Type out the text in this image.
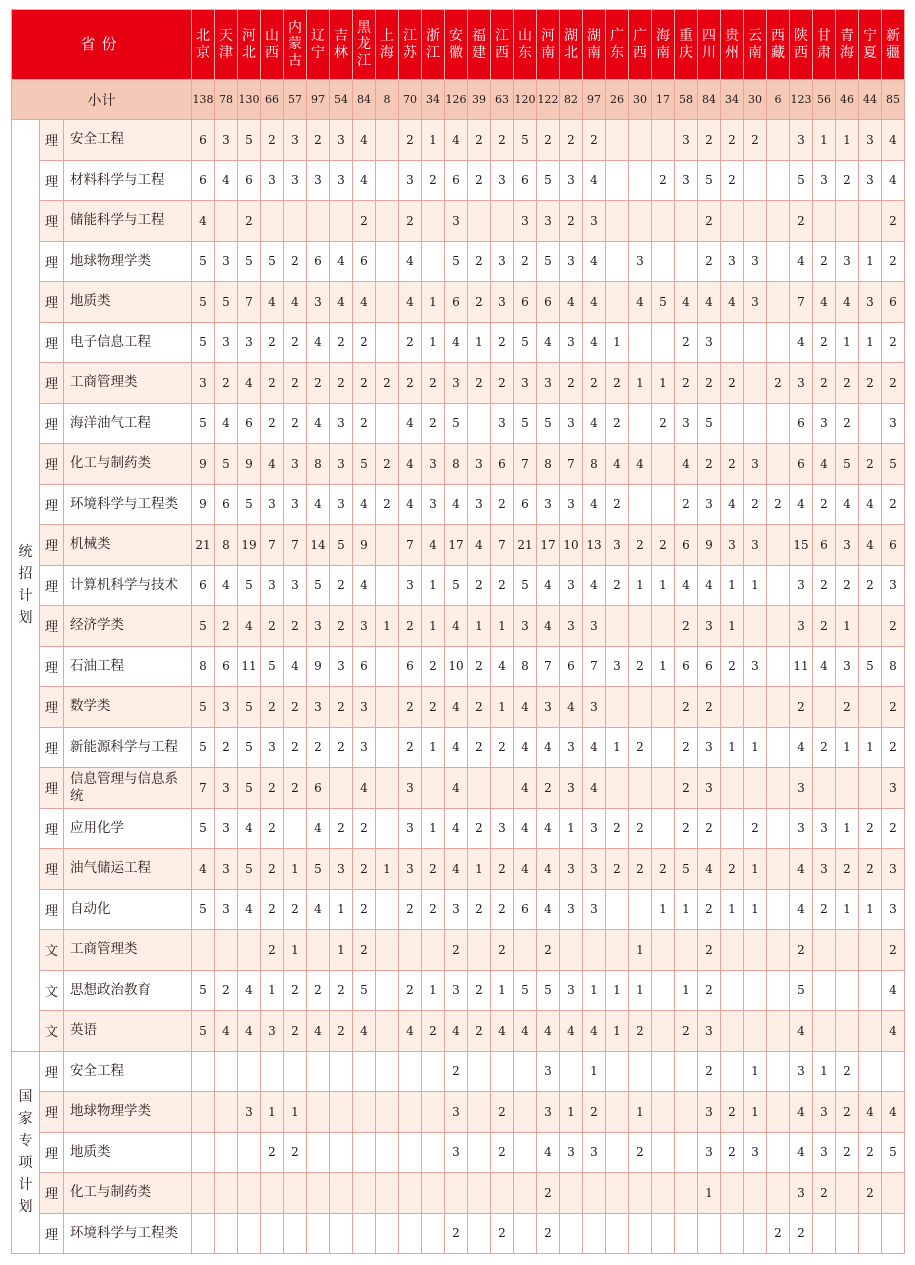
省份			北京	天津	河北	山西	内蒙古	辽宁	吉林	黑龙江	上海	江苏	浙江	安徽	福建	江西	山东	河南	湖北	湖南	广东	广西	海南	重庆	四川	贵州	云南	西藏	陕西	甘肃	青海	宁夏	新疆
小计			138	78	130	66	57	97	54	84	8	70	34	126	39	63	120	122	82	97	26	30	17	58	84	34	30	6	123	56	46	44	85

统招计划	理	安全工程	6	3	5	2	3	2	3	4		2	1	4	2	2	5	2	2	2				3	2	2	2		3	1	1	3	4
	理	材料科学与工程	6	4	6	3	3	3	3	4		3	2	6	2	3	6	5	3	4			2	3	5	2			5	3	2	3	4
	理	储能科学与工程	4		2					2		2		3			3	3	2	3					2				2				2
	理	地球物理学类	5	3	5	5	2	6	4	6		4		5	2	3	2	5	3	4		3			2	3	3		4	2	3	1	2
	理	地质类	5	5	7	4	4	3	4	4		4	1	6	2	3	6	6	4	4		4	5	4	4	4	3		7	4	4	3	6
	理	电子信息工程	5	3	3	2	2	4	2	2		2	1	4	1	2	5	4	3	4	1			2	3				4	2	1	1	2
	理	工商管理类	3	2	4	2	2	2	2	2	2	2	2	3	2	2	3	3	2	2	2	1	1	2	2	2		2	3	2	2	2	2
	理	海洋油气工程	5	4	6	2	2	4	3	2		4	2	5		3	5	5	3	4	2		2	3	5				6	3	2		3
	理	化工与制药类	9	5	9	4	3	8	3	5	2	4	3	8	3	6	7	8	7	8	4	4		4	2	2	3		6	4	5	2	5
	理	环境科学与工程类	9	6	5	3	3	4	3	4	2	4	3	4	3	2	6	3	3	4	2			2	3	4	2	2	4	2	4	4	2
	理	机械类	21	8	19	7	7	14	5	9		7	4	17	4	7	21	17	10	13	3	2	2	6	9	3	3		15	6	3	4	6
	理	计算机科学与技术	6	4	5	3	3	5	2	4		3	1	5	2	2	5	4	3	4	2	1	1	4	4	1	1		3	2	2	2	3
	理	经济学类	5	2	4	2	2	3	2	3	1	2	1	4	1	1	3	4	3	3				2	3	1			3	2	1		2
	理	石油工程	8	6	11	5	4	9	3	6		6	2	10	2	4	8	7	6	7	3	2	1	6	6	2	3		11	4	3	5	8
	理	数学类	5	3	5	2	2	3	2	3		2	2	4	2	1	4	3	4	3				2	2				2		2		2
	理	新能源科学与工程	5	2	5	3	2	2	2	3		2	1	4	2	2	4	4	3	4	1	2		2	3	1	1		4	2	1	1	2
	理	信息管理与信息系统	7	3	5	2	2	6		4		3		4			4	2	3	4				2	3				3				3
	理	应用化学	5	3	4	2		4	2	2		3	1	4	2	3	4	4	1	3	2	2		2	2		2		3	3	1	2	2
	理	油气储运工程	4	3	5	2	1	5	3	2	1	3	2	4	1	2	4	4	3	3	2	2	2	5	4	2	1		4	3	2	2	3
	理	自动化	5	3	4	2	2	4	1	2		2	2	3	2	2	6	4	3	3			1	1	2	1	1		4	2	1	1	3
	文	工商管理类				2	1		1	2				2		2		2				1			2				2				2
	文	思想政治教育	5	2	4	1	2	2	2	5		2	1	3	2	1	5	5	3	1	1	1		1	2				5				4
	文	英语	5	4	4	3	2	4	2	4		4	2	4	2	4	4	4	4	4	1	2		2	3				4				4

国家专项计划	理	安全工程												2				3		1					2		1		3	1	2		
	理	地球物理学类			3	1	1							3		2		3	1	2		1			3	2	1		4	3	2	4	4
	理	地质类				2	2							3		2		4	3	3		2			3	2	3		4	3	2	2	5
	理	化工与制药类																2							1				3	2		2	
	理	环境科学与工程类												2		2		2										2	2				
